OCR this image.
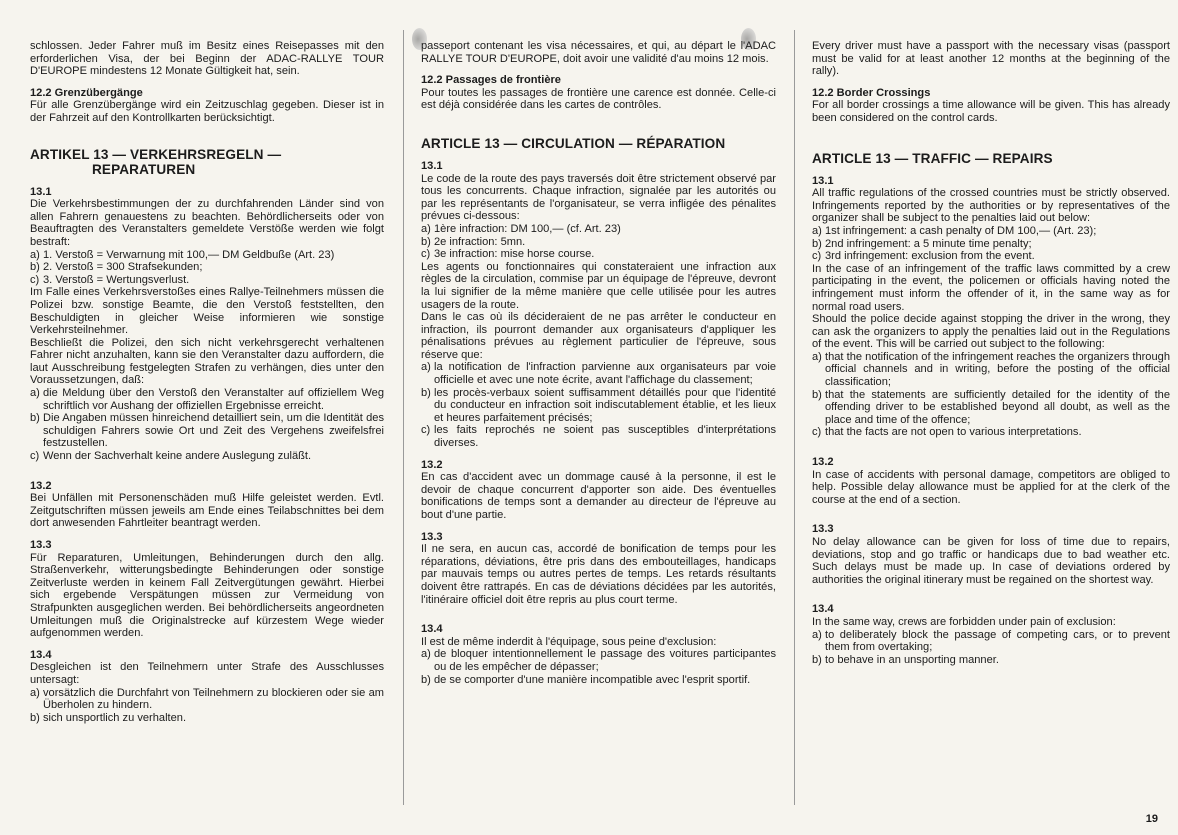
schlossen. Jeder Fahrer muß im Besitz eines Reisepasses mit den erforderlichen Visa, der bei Beginn der ADAC-RALLYE TOUR D'EUROPE mindestens 12 Monate Gültigkeit hat, sein.

12.2 Grenzübergänge

Für alle Grenzübergänge wird ein Zeitzuschlag gegeben. Dieser ist in der Fahrzeit auf den Kontrollkarten berücksichtigt.

ARTIKEL 13 — VERKEHRSREGELN —
REPARATUREN

13.1

Die Verkehrsbestimmungen der zu durchfahrenden Länder sind von allen Fahrern genauestens zu beachten. Behördlicherseits oder von Beauftragten des Veranstalters gemeldete Verstöße werden wie folgt bestraft:

a) 1. Verstoß = Verwarnung mit 100,— DM Geldbuße (Art. 23)
b) 2. Verstoß = 300 Strafsekunden;
c) 3. Verstoß = Wertungsverlust.

Im Falle eines Verkehrsverstoßes eines Rallye-Teilnehmers müssen die Polizei bzw. sonstige Beamte, die den Verstoß feststellten, den Beschuldigten in gleicher Weise informieren wie sonstige Verkehrsteilnehmer.

Beschließt die Polizei, den sich nicht verkehrsgerecht verhaltenen Fahrer nicht anzuhalten, kann sie den Veranstalter dazu auffordern, die laut Ausschreibung festgelegten Strafen zu verhängen, dies unter den Voraussetzungen, daß:

a) die Meldung über den Verstoß den Veranstalter auf offiziellem Weg schriftlich vor Aushang der offiziellen Ergebnisse erreicht.
b) Die Angaben müssen hinreichend detailliert sein, um die Identität des schuldigen Fahrers sowie Ort und Zeit des Vergehens zweifelsfrei festzustellen.
c) Wenn der Sachverhalt keine andere Auslegung zuläßt.

13.2

Bei Unfällen mit Personenschäden muß Hilfe geleistet werden. Evtl. Zeitgutschriften müssen jeweils am Ende eines Teilabschnittes bei dem dort anwesenden Fahrtleiter beantragt werden.

13.3

Für Reparaturen, Umleitungen, Behinderungen durch den allg. Straßenverkehr, witterungsbedingte Behinderungen oder sonstige Zeitverluste werden in keinem Fall Zeitvergütungen gewährt. Hierbei sich ergebende Verspätungen müssen zur Vermeidung von Strafpunkten ausgeglichen werden. Bei behördlicherseits angeordneten Umleitungen muß die Originalstrecke auf kürzestem Wege wieder aufgenommen werden.

13.4

Desgleichen ist den Teilnehmern unter Strafe des Ausschlusses untersagt:

a) vorsätzlich die Durchfahrt von Teilnehmern zu blockieren oder sie am Überholen zu hindern.
b) sich unsportlich zu verhalten.

passeport contenant les visa nécessaires, et qui, au départ le l'ADAC RALLYE TOUR D'EUROPE, doit avoir une validité d'au moins 12 mois.

12.2 Passages de frontière

Pour toutes les passages de frontière une carence est donnée. Celle-ci est déjà considérée dans les cartes de contrôles.

ARTICLE 13 — CIRCULATION — RÉPARATION

13.1

Le code de la route des pays traversés doit être strictement observé par tous les concurrents. Chaque infraction, signalée par les autorités ou par les représentants de l'organisateur, se verra infligée des pénalites prévues ci-dessous:

a) 1ère infraction: DM 100,— (cf. Art. 23)
b) 2e infraction: 5mn.
c) 3e infraction: mise horse course.

Les agents ou fonctionnaires qui constateraient une infraction aux règles de la circulation, commise par un équipage de l'épreuve, devront la lui signifier de la même manière que celle utilisée pour les autres usagers de la route.

Dans le cas où ils décideraient de ne pas arrêter le conducteur en infraction, ils pourront demander aux organisateurs d'appliquer les pénalisations prévues au règlement particulier de l'épreuve, sous réserve que:

a) la notification de l'infraction parvienne aux organisateurs par voie officielle et avec une note écrite, avant l'affichage du classement;
b) les procès-verbaux soient suffisamment détaillés pour que l'identité du conducteur en infraction soit indiscutablement établie, et les lieux et heures parfaitement précisés;
c) les faits reprochés ne soient pas susceptibles d'interprétations diverses.

13.2

En cas d'accident avec un dommage causé à la personne, il est le devoir de chaque concurrent d'apporter son aide. Des éventuelles bonifications de temps sont a demander au directeur de l'épreuve au bout d'une partie.

13.3

Il ne sera, en aucun cas, accordé de bonification de temps pour les réparations, déviations, être pris dans des embouteillages, handicaps par mauvais temps ou autres pertes de temps. Les retards résultants doivent être rattrapés. En cas de déviations décidées par les autorités, l'itinéraire officiel doit être repris au plus court terme.

13.4

Il est de même inderdit à l'équipage, sous peine d'exclusion:

a) de bloquer intentionnellement le passage des voitures participantes ou de les empêcher de dépasser;
b) de se comporter d'une manière incompatible avec l'esprit sportif.

Every driver must have a passport with the necessary visas (passport must be valid for at least another 12 months at the beginning of the rally).

12.2 Border Crossings

For all border crossings a time allowance will be given. This has already been considered on the control cards.

ARTICLE 13 — TRAFFIC — REPAIRS

13.1

All traffic regulations of the crossed countries must be strictly observed. Infringements reported by the authorities or by representatives of the organizer shall be subject to the penalties laid out below:

a) 1st infringement: a cash penalty of DM 100,— (Art. 23);
b) 2nd infringement: a 5 minute time penalty;
c) 3rd infringement: exclusion from the event.

In the case of an infringement of the traffic laws committed by a crew participating in the event, the policemen or officials having noted the infringement must inform the offender of it, in the same way as for normal road users.

Should the police decide against stopping the driver in the wrong, they can ask the organizers to apply the penalties laid out in the Regulations of the event. This will be carried out subject to the following:

a) that the notification of the infringement reaches the organizers through official channels and in writing, before the posting of the official classification;
b) that the statements are sufficiently detailed for the identity of the offending driver to be established beyond all doubt, as well as the place and time of the offence;
c) that the facts are not open to various interpretations.

13.2

In case of accidents with personal damage, competitors are obliged to help. Possible delay allowance must be applied for at the clerk of the course at the end of a section.

13.3

No delay allowance can be given for loss of time due to repairs, deviations, stop and go traffic or handicaps due to bad weather etc. Such delays must be made up. In case of deviations ordered by authorities the original itinerary must be regained on the shortest way.

13.4

In the same way, crews are forbidden under pain of exclusion:

a) to deliberately block the passage of competing cars, or to prevent them from overtaking;
b) to behave in an unsporting manner.
19
